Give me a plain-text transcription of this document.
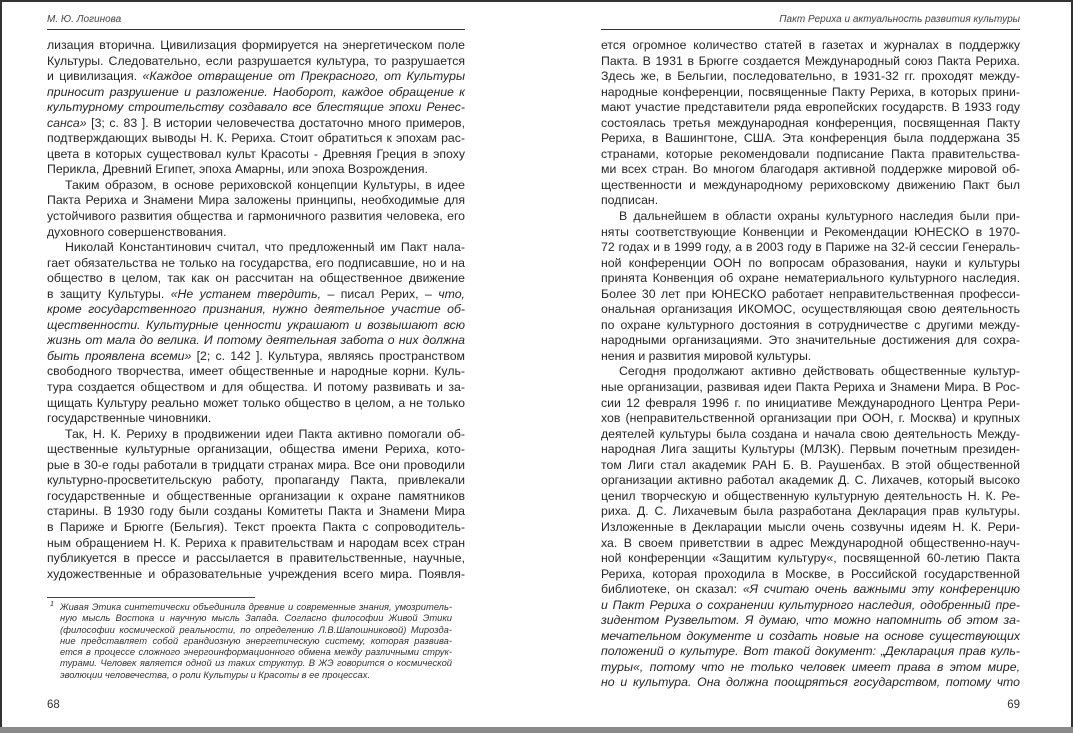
М. Ю. Логинова
лизация вторична. Цивилизация формируется на энергетическом поле
Культуры. Следовательно, если разрушается культура, то разрушается
и цивилизация. «Каждое отвращение от Прекрасного, от Культуры
приносит разрушение и разложение. Наоборот, каждое обращение к
культурному строительству создавало все блестящие эпохи Ренес-
санса» [3; с. 83 ]. В истории человечества достаточно много примеров,
подтверждающих выводы Н. К. Рериха. Стоит обратиться к эпохам рас-
цвета в которых существовал культ Красоты - Древняя Греция в эпоху
Перикла, Древний Египет, эпоха Амарны, или эпоха Возрождения.
Таким образом, в основе рериховской концепции Культуры, в идее
Пакта Рериха и Знамени Мира заложены принципы, необходимые для
устойчивого развития общества и гармоничного развития человека, его
духовного совершенствования.
Николай Константинович считал, что предложенный им Пакт нала-
гает обязательства не только на государства, его подписавшие, но и на
общество в целом, так как он рассчитан на общественное движение
в защиту Культуры. «Не устанем твердить, – писал Рерих, – что,
кроме государственного признания, нужно деятельное участие об-
щественности. Культурные ценности украшают и возвышают всю
жизнь от мала до велика. И потому деятельная забота о них должна
быть проявлена всеми» [2; с. 142 ]. Культура, являясь пространством
свободного творчества, имеет общественные и народные корни. Куль-
тура создается обществом и для общества. И потому развивать и за-
щищать Культуру реально может только общество в целом, а не только
государственные чиновники.
Так, Н. К. Рериху в продвижении идеи Пакта активно помогали об-
щественные культурные организации, общества имени Рериха, кото-
рые в 30-е годы работали в тридцати странах мира. Все они проводили
культурно-просветительскую работу, пропаганду Пакта, привлекали
государственные и общественные организации к охране памятников
старины. В 1930 году были созданы Комитеты Пакта и Знамени Мира
в Париже и Брюгге (Бельгия). Текст проекта Пакта с сопроводитель-
ным обращением Н. К. Рериха к правительствам и народам всех стран
публикуется в прессе и рассылается в правительственные, научные,
художественные и образовательные учреждения всего мира. Появля-
1 Живая Этика синтетически объединила древние и современные знания, умозритель-
ную мысль Востока и научную мысль Запада. Согласно философии Живой Этики
(философии космической реальности, по определению Л.В.Шапошниковой) Мирозда-
ние представляет собой грандиозную энергетическую систему, которая развива-
ется в процессе сложного энергоинформационного обмена между различными струк-
турами. Человек является одной из таких структур. В ЖЭ говорится о космической
эволюции человечества, о роли Культуры и Красоты в ее процессах.
68
Пакт Рериха и актуальность развития культуры
ется огромное количество статей в газетах и журналах в поддержку
Пакта. В 1931 в Брюгге создается Международный союз Пакта Рериха.
Здесь же, в Бельгии, последовательно, в 1931-32 гг. проходят между-
народные конференции, посвященные Пакту Рериха, в которых прини-
мают участие представители ряда европейских государств. В 1933 году
состоялась третья международная конференция, посвященная Пакту
Рериха, в Вашингтоне, США. Эта конференция была поддержана 35
странами, которые рекомендовали подписание Пакта правительства-
ми всех стран. Во многом благодаря активной поддержке мировой об-
щественности и международному рериховскому движению Пакт был
подписан.
В дальнейшем в области охраны культурного наследия были при-
няты соответствующие Конвенции и Рекомендации ЮНЕСКО в 1970-
72 годах и в 1999 году, а в 2003 году в Париже на 32-й сессии Генераль-
ной конференции ООН по вопросам образования, науки и культуры
принята Конвенция об охране нематериального культурного наследия.
Более 30 лет при ЮНЕСКО работает неправительственная професси-
ональная организация ИКОМОС, осуществляющая свою деятельность
по охране культурного достояния в сотрудничестве с другими между-
народными организациями. Это значительные достижения для сохра-
нения и развития мировой культуры.
Сегодня продолжают активно действовать общественные культур-
ные организации, развивая идеи Пакта Рериха и Знамени Мира. В Рос-
сии 12 февраля 1996 г. по инициативе Международного Центра Рери-
хов (неправительственной организации при ООН, г. Москва) и крупных
деятелей культуры была создана и начала свою деятельность Между-
народная Лига защиты Культуры (МЛЗК). Первым почетным президен-
том Лиги стал академик РАН Б. В. Раушенбах. В этой общественной
организации активно работал академик Д. С. Лихачев, который высоко
ценил творческую и общественную культурную деятельность Н. К. Ре-
риха. Д. С. Лихачевым была разработана Декларация прав культуры.
Изложенные в Декларации мысли очень созвучны идеям Н. К. Рери-
ха. В своем приветствии в адрес Международной общественно-науч-
ной конференции «Защитим культуру«, посвященной 60-летию Пакта
Рериха, которая проходила в Москве, в Российской государственной
библиотеке, он сказал: «Я считаю очень важными эту конференцию
и Пакт Рериха о сохранении культурного наследия, одобренный пре-
зидентом Рузвельтом. Я думаю, что можно напомнить об этом за-
мечательном документе и создать новые на основе существующих
положений о культуре. Вот такой документ: „Декларация прав куль-
туры«, потому что не только человек имеет права в этом мире,
но и культура. Она должна поощряться государством, потому что
69
